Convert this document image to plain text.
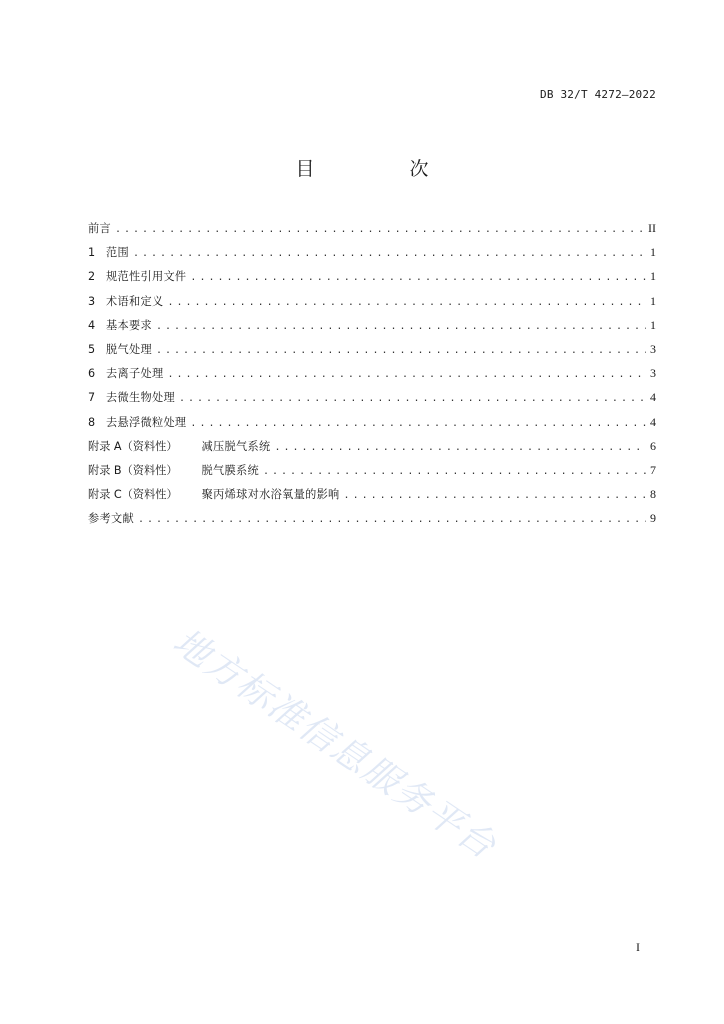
DB 32/T 4272—2022
目　次
前言 .....	II
1 范围 .....	1
2 规范性引用文件 .....	1
3 术语和定义 .....	1
4 基本要求 .....	1
5 脱气处理 .....	3
6 去离子处理 .....	3
7 去微生物处理 .....	4
8 去悬浮微粒处理 .....	4
附录 A（资料性） 减压脱气系统 .....	6
附录 B（资料性） 脱气膜系统 .....	7
附录 C（资料性） 聚丙烯球对水浴氧量的影响 .....	8
参考文献 .....	9
地方标准信息服务平台
I
